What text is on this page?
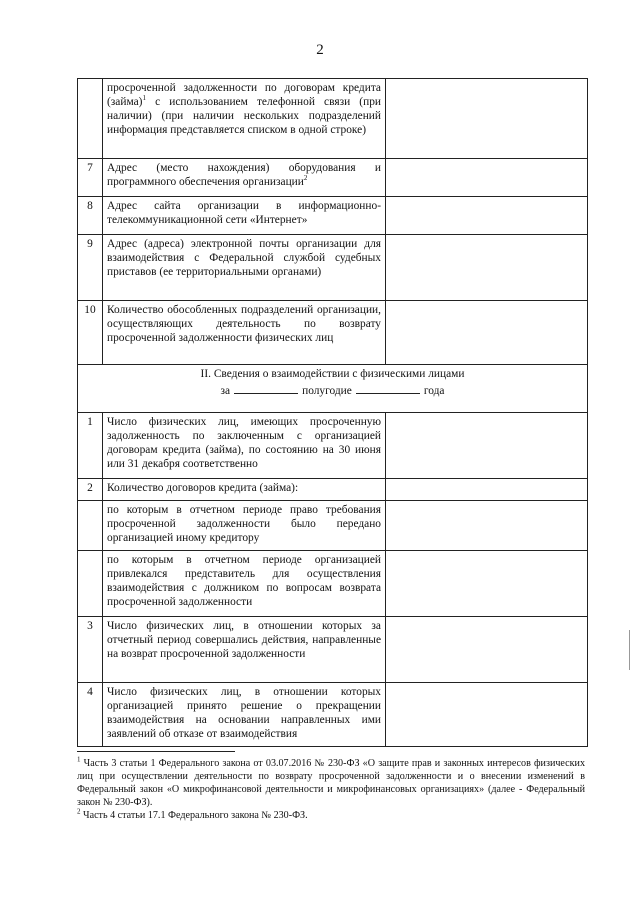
2
	просроченной задолженности по договорам кредита (займа)$^1$ с использованием телефонной связи (при наличии) (при наличии нескольких подразделений информация представляется списком в одной строке)	
7	Адрес (место нахождения) оборудования и программного обеспечения организации$^2$	
8	Адрес сайта организации в информационно-телекоммуникационной сети «Интернет»	
9	Адрес (адреса) электронной почты организации для взаимодействия с Федеральной службой судебных приставов (ее территориальными органами)	
10	Количество обособленных подразделений организации, осуществляющих деятельность по возврату просроченной задолженности физических лиц	
II. Сведения о взаимодействии с физическими лицами
за полугодие года		

1	Число физических лиц, имеющих просроченную задолженность по заключенным с организацией договорам кредита (займа), по состоянию на 30 июня или 31 декабря соответственно	
2	Количество договоров кредита (займа):	
	по которым в отчетном периоде право требования просроченной задолженности было передано организацией иному кредитору	
	по которым в отчетном периоде организацией привлекался представитель для осуществления взаимодействия с должником по вопросам возврата просроченной задолженности	
3	Число физических лиц, в отношении которых за отчетный период совершались действия, направленные на возврат просроченной задолженности	
4	Число физических лиц, в отношении которых организацией принято решение о прекращении взаимодействия на основании направленных ими заявлений об отказе от взаимодействия	

$^1$ Часть 3 статьи 1 Федерального закона от 03.07.2016 № 230-ФЗ «О защите прав и законных интересов физических лиц при осуществлении деятельности по возврату просроченной задолженности и о внесении изменений в Федеральный закон «О микрофинансовой деятельности и микрофинансовых организациях» (далее - Федеральный закон № 230-ФЗ).

$^2$ Часть 4 статьи 17.1 Федерального закона № 230-ФЗ.
